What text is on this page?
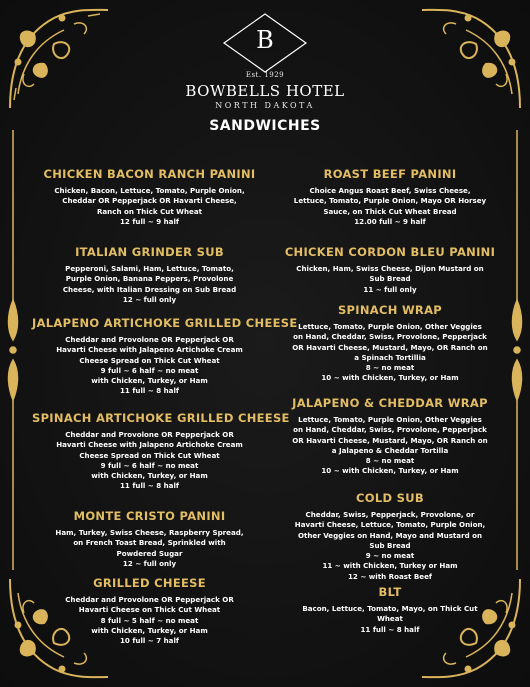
B
Est. 1929
BOWBELLS HOTEL
NORTH DAKOTA
SANDWICHES
CHICKEN BACON RANCH PANINI
Chicken, Bacon, Lettuce, Tomato, Purple Onion,
Cheddar OR Pepperjack OR Havarti Cheese,
Ranch on Thick Cut Wheat
12 full ~ 9 half
ITALIAN GRINDER SUB
Pepperoni, Salami, Ham, Lettuce, Tomato,
Purple Onion, Banana Peppers, Provolone
Cheese, with Italian Dressing on Sub Bread
12 ~ full only
JALAPENO ARTICHOKE GRILLED CHEESE
Cheddar and Provolone OR Pepperjack OR
Havarti Cheese with Jalapeno Artichoke Cream
Cheese Spread on Thick Cut Wheat
9 full ~ 6 half ~ no meat
with Chicken, Turkey, or Ham
11 full ~ 8 half
SPINACH ARTICHOKE GRILLED CHEESE
Cheddar and Provolone OR Pepperjack OR
Havarti Cheese with Jalapeno Artichoke Cream
Cheese Spread on Thick Cut Wheat
9 full ~ 6 half ~ no meat
with Chicken, Turkey, or Ham
11 full ~ 8 half
MONTE CRISTO PANINI
Ham, Turkey, Swiss Cheese, Raspberry Spread,
on French Toast Bread, Sprinkled with
Powdered Sugar
12 ~ full only
GRILLED CHEESE
Cheddar and Provolone OR Pepperjack OR
Havarti Cheese on Thick Cut Wheat
8 full ~ 5 half ~ no meat
with Chicken, Turkey, or Ham
10 full ~ 7 half
ROAST BEEF PANINI
Choice Angus Roast Beef, Swiss Cheese,
Lettuce, Tomato, Purple Onion, Mayo OR Horsey
Sauce, on Thick Cut Wheat Bread
12.00 full ~ 9 half
CHICKEN CORDON BLEU PANINI
Chicken, Ham, Swiss Cheese, Dijon Mustard on
Sub Bread
11 ~ full only
SPINACH WRAP
Lettuce, Tomato, Purple Onion, Other Veggies
on Hand, Cheddar, Swiss, Provolone, Pepperjack
OR Havarti Cheese, Mustard, Mayo, OR Ranch on
a Spinach Tortillia
8 ~ no meat
10 ~ with Chicken, Turkey, or Ham
JALAPENO & CHEDDAR WRAP
Lettuce, Tomato, Purple Onion, Other Veggies
on Hand, Cheddar, Swiss, Provolone, Pepperjack
OR Havarti Cheese, Mustard, Mayo, OR Ranch on
a Jalapeno & Cheddar Tortilla
8 ~ no meat
10 ~ with Chicken, Turkey, or Ham
COLD SUB
Cheddar, Swiss, Pepperjack, Provolone, or
Havarti Cheese, Lettuce, Tomato, Purple Onion,
Other Veggies on Hand, Mayo and Mustard on
Sub Bread
9 ~ no meat
11 ~ with Chicken, Turkey or Ham
12 ~ with Roast Beef
BLT
Bacon, Lettuce, Tomato, Mayo, on Thick Cut
Wheat
11 full ~ 8 half
